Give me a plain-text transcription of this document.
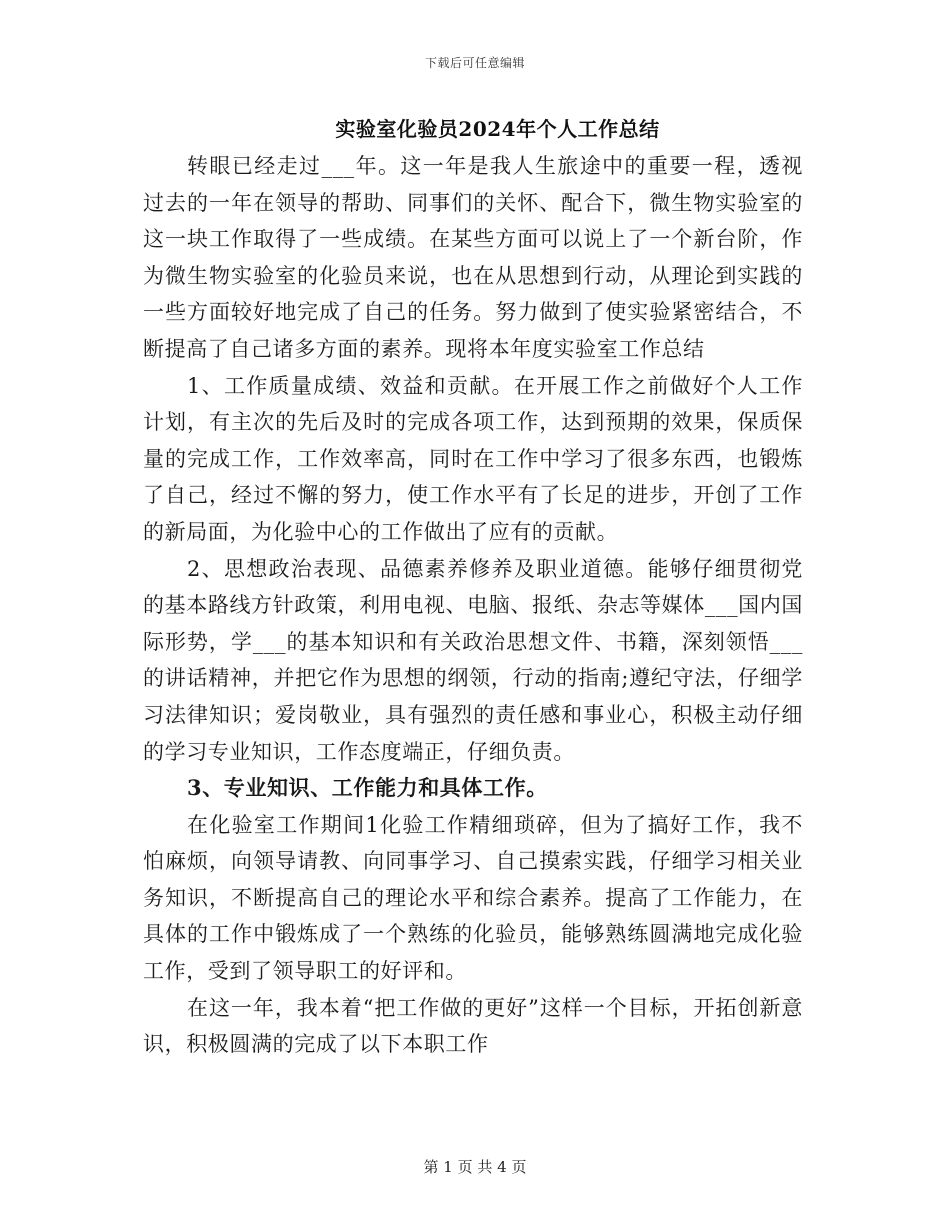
下载后可任意编辑
实验室化验员2024年个人工作总结

转眼已经走过___年。这一年是我人生旅途中的重要一程，透视过去的一年在领导的帮助、同事们的关怀、配合下，微生物实验室的这一块工作取得了一些成绩。在某些方面可以说上了一个新台阶，作为微生物实验室的化验员来说，也在从思想到行动，从理论到实践的一些方面较好地完成了自己的任务。努力做到了使实验紧密结合，不断提高了自己诸多方面的素养。现将本年度实验室工作总结

1、工作质量成绩、效益和贡献。在开展工作之前做好个人工作计划，有主次的先后及时的完成各项工作，达到预期的效果，保质保量的完成工作，工作效率高，同时在工作中学习了很多东西，也锻炼了自己，经过不懈的努力，使工作水平有了长足的进步，开创了工作的新局面，为化验中心的工作做出了应有的贡献。

2、思想政治表现、品德素养修养及职业道德。能够仔细贯彻党的基本路线方针政策，利用电视、电脑、报纸、杂志等媒体___国内国际形势，学___的基本知识和有关政治思想文件、书籍，深刻领悟___的讲话精神，并把它作为思想的纲领，行动的指南;遵纪守法，仔细学习法律知识；爱岗敬业，具有强烈的责任感和事业心，积极主动仔细的学习专业知识，工作态度端正，仔细负责。

3、专业知识、工作能力和具体工作。

在化验室工作期间1化验工作精细琐碎，但为了搞好工作，我不怕麻烦，向领导请教、向同事学习、自己摸索实践，仔细学习相关业务知识，不断提高自己的理论水平和综合素养。提高了工作能力，在具体的工作中锻炼成了一个熟练的化验员，能够熟练圆满地完成化验工作，受到了领导职工的好评和。

在这一年，我本着“把工作做的更好”这样一个目标，开拓创新意识，积极圆满的完成了以下本职工作

第 1 页 共 4 页
